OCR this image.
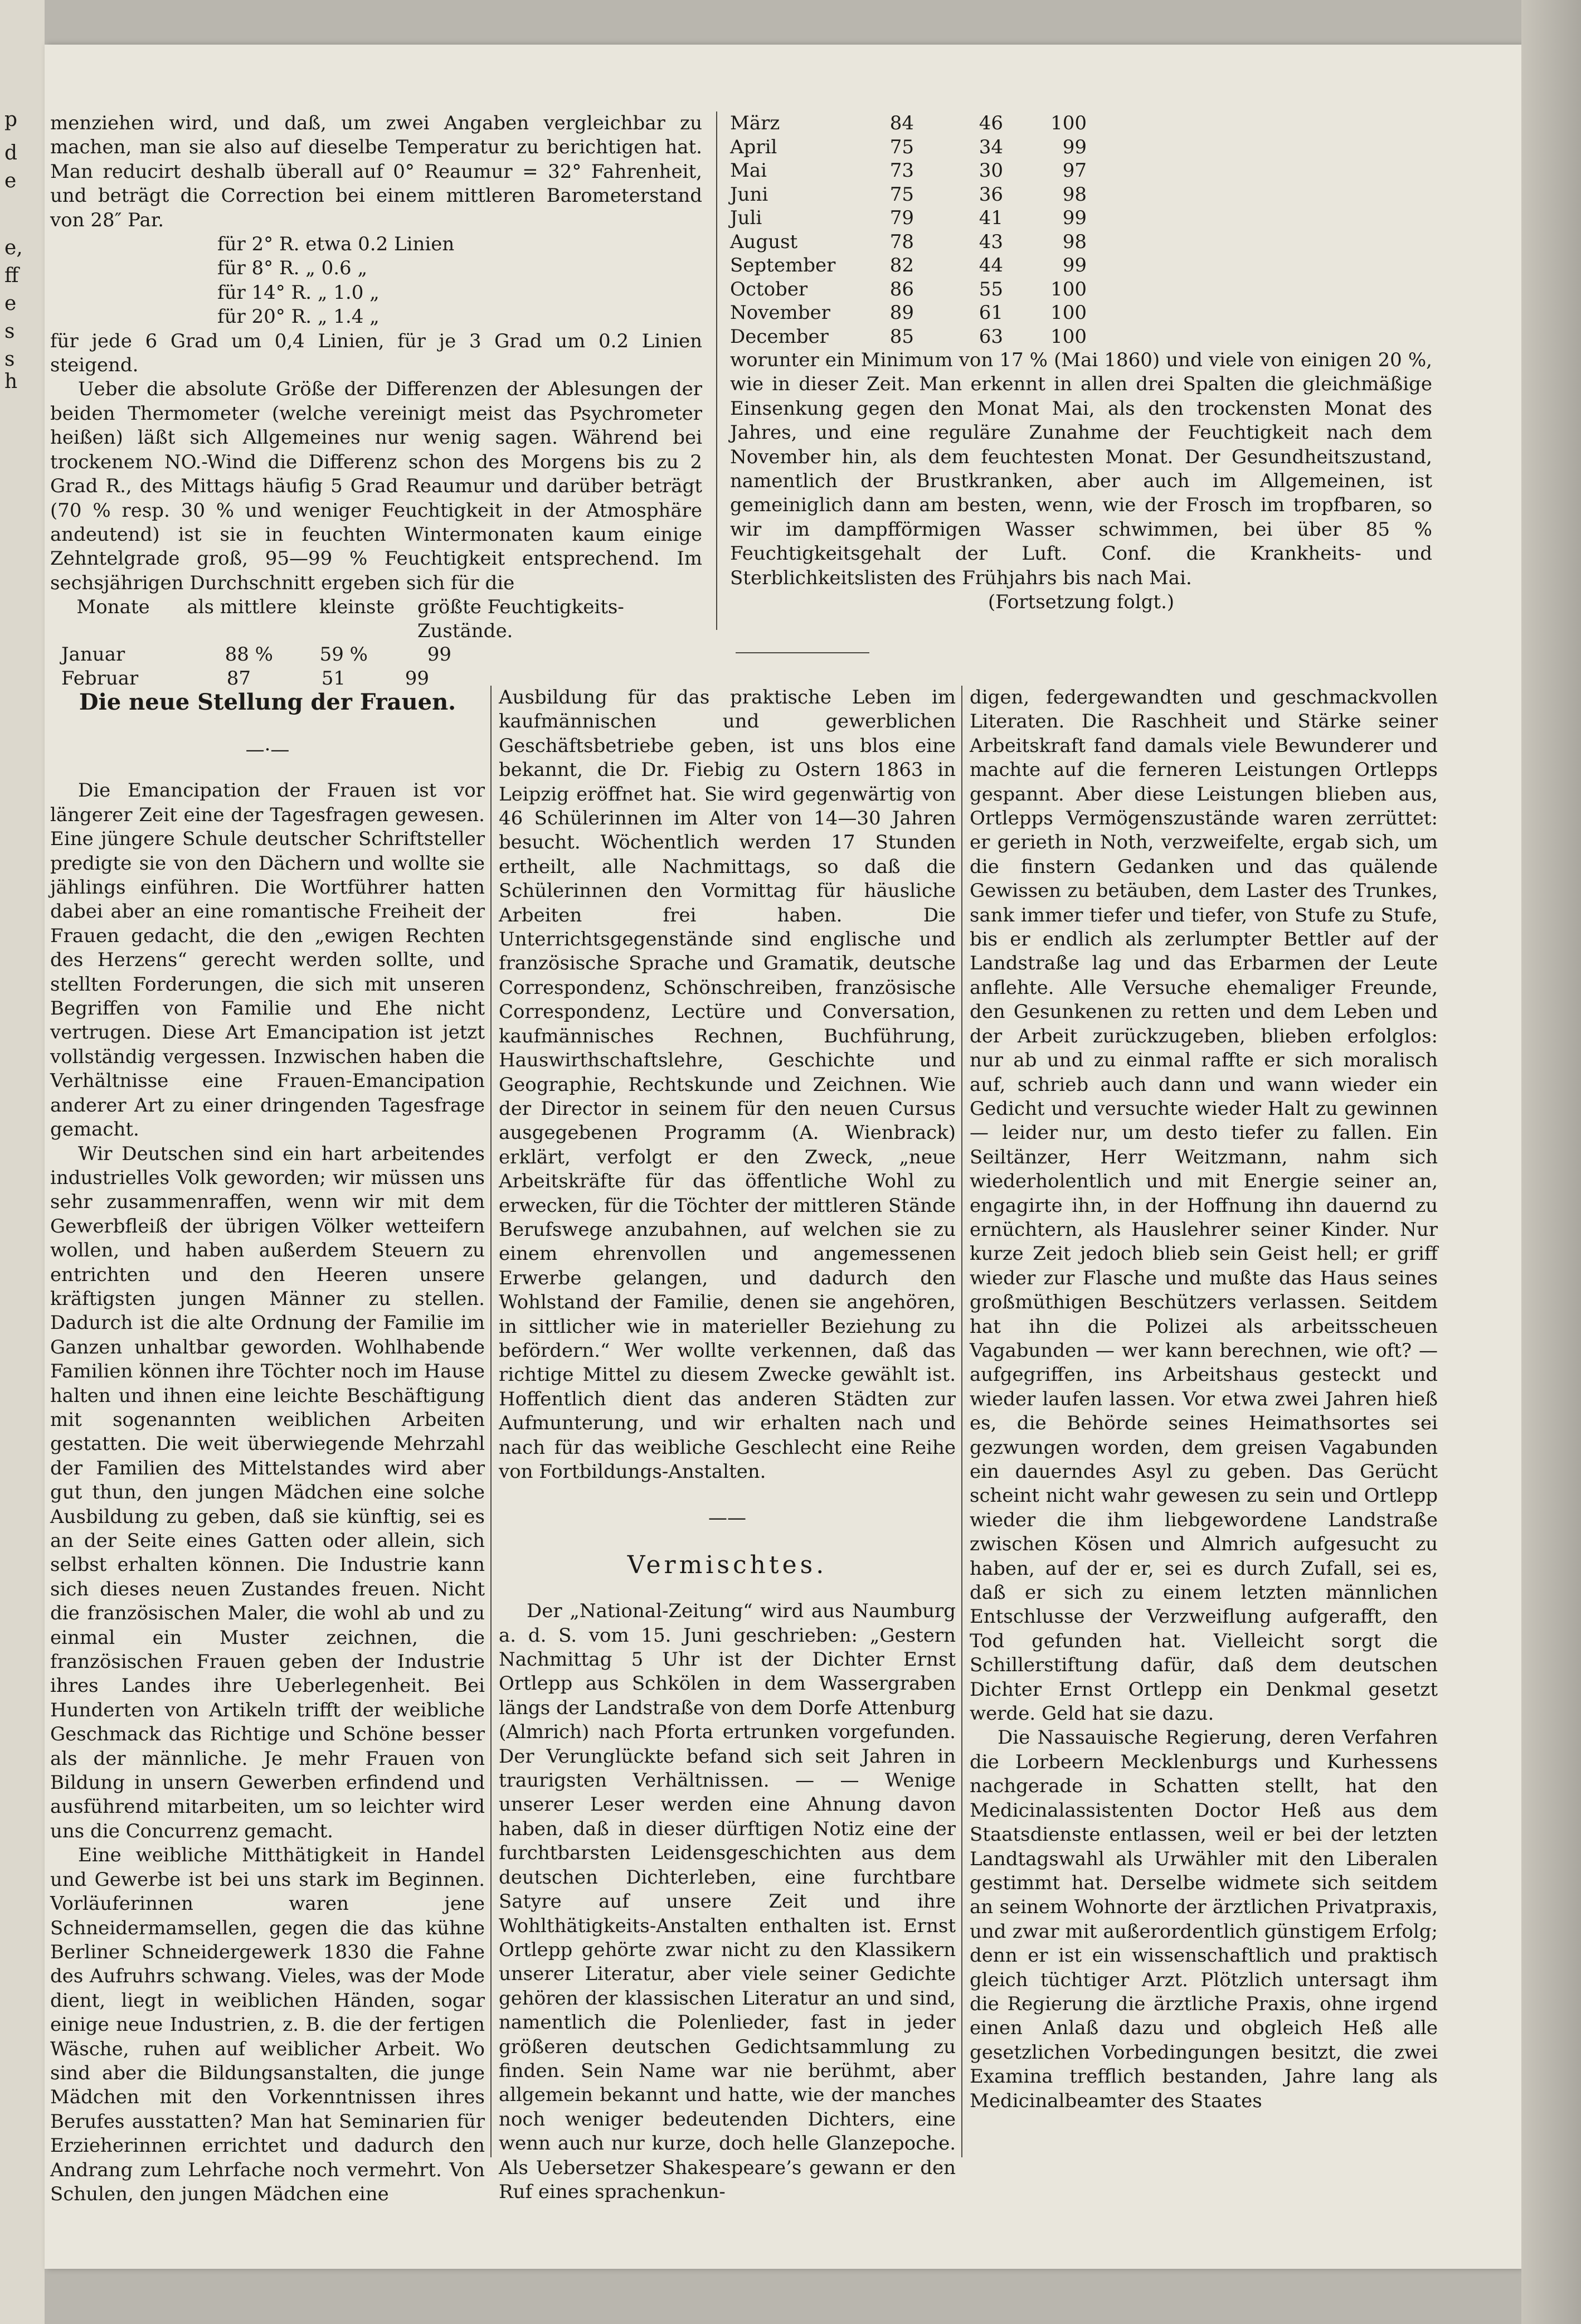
p
d
e
e,
ff
e
s
s
h

menziehen wird, und daß, um zwei Angaben vergleichbar zu machen, man sie also auf dieselbe Temperatur zu berichtigen hat. Man reducirt deshalb überall auf 0° Reaumur = 32° Fahrenheit, und beträgt die Correction bei einem mittleren Barometerstand von 28″ Par.

für 2° R. etwa 0.2 Linien
für 8° R. „ 0.6 „
für 14° R. „ 1.0 „
für 20° R. „ 1.4 „

für jede 6 Grad um 0,4 Linien, für je 3 Grad um 0.2 Linien steigend.

Ueber die absolute Größe der Differenzen der Ablesungen der beiden Thermometer (welche vereinigt meist das Psychrometer heißen) läßt sich Allgemeines nur wenig sagen. Während bei trockenem NO.-Wind die Differenz schon des Morgens bis zu 2 Grad R., des Mittags häufig 5 Grad Reaumur und darüber beträgt (70 % resp. 30 % und weniger Feuchtigkeit in der Atmosphäre andeutend) ist sie in feuchten Wintermonaten kaum einige Zehntelgrade groß, 95—99 % Feuchtigkeit entsprechend. Im sechsjährigen Durchschnitt ergeben sich für die

Monate	als mittlere	kleinste	größte Feuchtigkeits-Zustände.
Januar	88 %	59 %	99
Februar	87	51	99
März	84	46	100
April	75	34	99
Mai	73	30	97
Juni	75	36	98
Juli	79	41	99
August	78	43	98
September	82	44	99
October	86	55	100
November	89	61	100
December	85	63	100

worunter ein Minimum von 17 % (Mai 1860) und viele von einigen 20 %, wie in dieser Zeit. Man erkennt in allen drei Spalten die gleichmäßige Einsenkung gegen den Monat Mai, als den trockensten Monat des Jahres, und eine reguläre Zunahme der Feuchtigkeit nach dem November hin, als dem feuchtesten Monat. Der Gesundheitszustand, namentlich der Brustkranken, aber auch im Allgemeinen, ist gemeiniglich dann am besten, wenn, wie der Frosch im tropfbaren, so wir im dampfförmigen Wasser schwimmen, bei über 85 % Feuchtigkeitsgehalt der Luft. Conf. die Krankheits- und Sterblichkeitslisten des Frühjahrs bis nach Mai.

(Fortsetzung folgt.)
Die neue Stellung der Frauen.
—·—

Die Emancipation der Frauen ist vor längerer Zeit eine der Tagesfragen gewesen. Eine jüngere Schule deutscher Schriftsteller predigte sie von den Dächern und wollte sie jählings einführen. Die Wortführer hatten dabei aber an eine romantische Freiheit der Frauen gedacht, die den „ewigen Rechten des Herzens“ gerecht werden sollte, und stellten Forderungen, die sich mit unseren Begriffen von Familie und Ehe nicht vertrugen. Diese Art Emancipation ist jetzt vollständig vergessen. Inzwischen haben die Verhältnisse eine Frauen-Emancipation anderer Art zu einer dringenden Tagesfrage gemacht.

Wir Deutschen sind ein hart arbeitendes industrielles Volk geworden; wir müssen uns sehr zusammenraffen, wenn wir mit dem Gewerbfleiß der übrigen Völker wetteifern wollen, und haben außerdem Steuern zu entrichten und den Heeren unsere kräftigsten jungen Männer zu stellen. Dadurch ist die alte Ordnung der Familie im Ganzen unhaltbar geworden. Wohlhabende Familien können ihre Töchter noch im Hause halten und ihnen eine leichte Beschäftigung mit sogenannten weiblichen Arbeiten gestatten. Die weit überwiegende Mehrzahl der Familien des Mittelstandes wird aber gut thun, den jungen Mädchen eine solche Ausbildung zu geben, daß sie künftig, sei es an der Seite eines Gatten oder allein, sich selbst erhalten können. Die Industrie kann sich dieses neuen Zustandes freuen. Nicht die französischen Maler, die wohl ab und zu einmal ein Muster zeichnen, die französischen Frauen geben der Industrie ihres Landes ihre Ueberlegenheit. Bei Hunderten von Artikeln trifft der weibliche Geschmack das Richtige und Schöne besser als der männliche. Je mehr Frauen von Bildung in unsern Gewerben erfindend und ausführend mitarbeiten, um so leichter wird uns die Concurrenz gemacht.

Eine weibliche Mitthätigkeit in Handel und Gewerbe ist bei uns stark im Beginnen. Vorläuferinnen waren jene Schneidermamsellen, gegen die das kühne Berliner Schneidergewerk 1830 die Fahne des Aufruhrs schwang. Vieles, was der Mode dient, liegt in weiblichen Händen, sogar einige neue Industrien, z. B. die der fertigen Wäsche, ruhen auf weiblicher Arbeit. Wo sind aber die Bildungsanstalten, die junge Mädchen mit den Vorkenntnissen ihres Berufes ausstatten? Man hat Seminarien für Erzieherinnen errichtet und dadurch den Andrang zum Lehrfache noch vermehrt. Von Schulen, den jungen Mädchen eine

Ausbildung für das praktische Leben im kaufmännischen und gewerblichen Geschäftsbetriebe geben, ist uns blos eine bekannt, die Dr. Fiebig zu Ostern 1863 in Leipzig eröffnet hat. Sie wird gegenwärtig von 46 Schülerinnen im Alter von 14—30 Jahren besucht. Wöchentlich werden 17 Stunden ertheilt, alle Nachmittags, so daß die Schülerinnen den Vormittag für häusliche Arbeiten frei haben. Die Unterrichtsgegenstände sind englische und französische Sprache und Gramatik, deutsche Correspondenz, Schönschreiben, französische Correspondenz, Lectüre und Conversation, kaufmännisches Rechnen, Buchführung, Hauswirthschaftslehre, Geschichte und Geographie, Rechtskunde und Zeichnen. Wie der Director in seinem für den neuen Cursus ausgegebenen Programm (A. Wienbrack) erklärt, verfolgt er den Zweck, „neue Arbeitskräfte für das öffentliche Wohl zu erwecken, für die Töchter der mittleren Stände Berufswege anzubahnen, auf welchen sie zu einem ehrenvollen und angemessenen Erwerbe gelangen, und dadurch den Wohlstand der Familie, denen sie angehören, in sittlicher wie in materieller Beziehung zu befördern.“ Wer wollte verkennen, daß das richtige Mittel zu diesem Zwecke gewählt ist. Hoffentlich dient das anderen Städten zur Aufmunterung, und wir erhalten nach und nach für das weibliche Geschlecht eine Reihe von Fortbildungs-Anstalten.

——
Vermischtes.

Der „National-Zeitung“ wird aus Naumburg a. d. S. vom 15. Juni geschrieben: „Gestern Nachmittag 5 Uhr ist der Dichter Ernst Ortlepp aus Schkölen in dem Wassergraben längs der Landstraße von dem Dorfe Attenburg (Almrich) nach Pforta ertrunken vorgefunden. Der Verunglückte befand sich seit Jahren in traurigsten Verhältnissen. — — Wenige unserer Leser werden eine Ahnung davon haben, daß in dieser dürftigen Notiz eine der furchtbarsten Leidensgeschichten aus dem deutschen Dichterleben, eine furchtbare Satyre auf unsere Zeit und ihre Wohlthätigkeits-Anstalten enthalten ist. Ernst Ortlepp gehörte zwar nicht zu den Klassikern unserer Literatur, aber viele seiner Gedichte gehören der klassischen Literatur an und sind, namentlich die Polenlieder, fast in jeder größeren deutschen Gedichtsammlung zu finden. Sein Name war nie berühmt, aber allgemein bekannt und hatte, wie der manches noch weniger bedeutenden Dichters, eine wenn auch nur kurze, doch helle Glanzepoche. Als Uebersetzer Shakespeare’s gewann er den Ruf eines sprachenkun-

digen, federgewandten und geschmackvollen Literaten. Die Raschheit und Stärke seiner Arbeitskraft fand damals viele Bewunderer und machte auf die ferneren Leistungen Ortlepps gespannt. Aber diese Leistungen blieben aus, Ortlepps Vermögenszustände waren zerrüttet: er gerieth in Noth, verzweifelte, ergab sich, um die finstern Gedanken und das quälende Gewissen zu betäuben, dem Laster des Trunkes, sank immer tiefer und tiefer, von Stufe zu Stufe, bis er endlich als zerlumpter Bettler auf der Landstraße lag und das Erbarmen der Leute anflehte. Alle Versuche ehemaliger Freunde, den Gesunkenen zu retten und dem Leben und der Arbeit zurückzugeben, blieben erfolglos: nur ab und zu einmal raffte er sich moralisch auf, schrieb auch dann und wann wieder ein Gedicht und versuchte wieder Halt zu gewinnen — leider nur, um desto tiefer zu fallen. Ein Seiltänzer, Herr Weitzmann, nahm sich wiederholentlich und mit Energie seiner an, engagirte ihn, in der Hoffnung ihn dauernd zu ernüchtern, als Hauslehrer seiner Kinder. Nur kurze Zeit jedoch blieb sein Geist hell; er griff wieder zur Flasche und mußte das Haus seines großmüthigen Beschützers verlassen. Seitdem hat ihn die Polizei als arbeitsscheuen Vagabunden — wer kann berechnen, wie oft? — aufgegriffen, ins Arbeitshaus gesteckt und wieder laufen lassen. Vor etwa zwei Jahren hieß es, die Behörde seines Heimathsortes sei gezwungen worden, dem greisen Vagabunden ein dauerndes Asyl zu geben. Das Gerücht scheint nicht wahr gewesen zu sein und Ortlepp wieder die ihm liebgewordene Landstraße zwischen Kösen und Almrich aufgesucht zu haben, auf der er, sei es durch Zufall, sei es, daß er sich zu einem letzten männlichen Entschlusse der Verzweiflung aufgerafft, den Tod gefunden hat. Vielleicht sorgt die Schillerstiftung dafür, daß dem deutschen Dichter Ernst Ortlepp ein Denkmal gesetzt werde. Geld hat sie dazu.

Die Nassauische Regierung, deren Verfahren die Lorbeern Mecklenburgs und Kurhessens nachgerade in Schatten stellt, hat den Medicinalassistenten Doctor Heß aus dem Staatsdienste entlassen, weil er bei der letzten Landtagswahl als Urwähler mit den Liberalen gestimmt hat. Derselbe widmete sich seitdem an seinem Wohnorte der ärztlichen Privatpraxis, und zwar mit außerordentlich günstigem Erfolg; denn er ist ein wissenschaftlich und praktisch gleich tüchtiger Arzt. Plötzlich untersagt ihm die Regierung die ärztliche Praxis, ohne irgend einen Anlaß dazu und obgleich Heß alle gesetzlichen Vorbedingungen besitzt, die zwei Examina trefflich bestanden, Jahre lang als Medicinalbeamter des Staates
